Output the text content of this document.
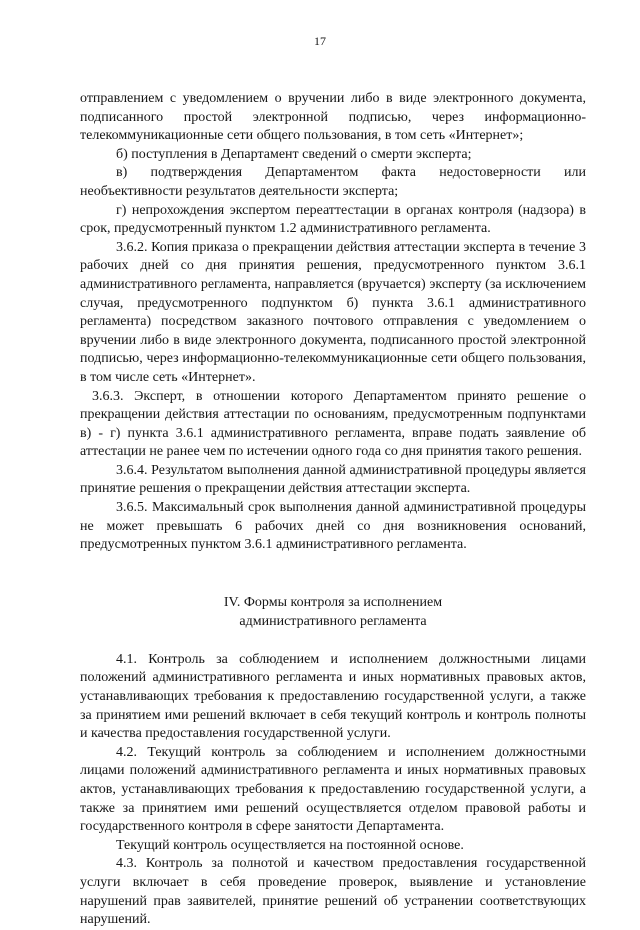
17

отправлением с уведомлением о вручении либо в виде электронного документа, подписанного простой электронной подписью, через информационно-телекоммуникационные сети общего пользования, в том сеть «Интернет»;

б) поступления в Департамент сведений о смерти эксперта;

в) подтверждения Департаментом факта недостоверности или необъективности результатов деятельности эксперта;

г) непрохождения экспертом переаттестации в органах контроля (надзора) в срок, предусмотренный пунктом 1.2 административного регламента.

3.6.2. Копия приказа о прекращении действия аттестации эксперта в течение 3 рабочих дней со дня принятия решения, предусмотренного пунктом 3.6.1 административного регламента, направляется (вручается) эксперту (за исключением случая, предусмотренного подпунктом б) пункта 3.6.1 административного регламента) посредством заказного почтового отправления с уведомлением о вручении либо в виде электронного документа, подписанного простой электронной подписью, через информационно-телекоммуникационные сети общего пользования, в том числе сеть «Интернет».

3.6.3. Эксперт, в отношении которого Департаментом принято решение о прекращении действия аттестации по основаниям, предусмотренным подпунктами в) - г) пункта 3.6.1 административного регламента, вправе подать заявление об аттестации не ранее чем по истечении одного года со дня принятия такого решения.

3.6.4. Результатом выполнения данной административной процедуры является принятие решения о прекращении действия аттестации эксперта.

3.6.5. Максимальный срок выполнения данной административной процедуры не может превышать 6 рабочих дней со дня возникновения оснований, предусмотренных пунктом 3.6.1 административного регламента.

IV. Формы контроля за исполнением
административного регламента

4.1. Контроль за соблюдением и исполнением должностными лицами положений административного регламента и иных нормативных правовых актов, устанавливающих требования к предоставлению государственной услуги, а также за принятием ими решений включает в себя текущий контроль и контроль полноты и качества предоставления государственной услуги.

4.2. Текущий контроль за соблюдением и исполнением должностными лицами положений административного регламента и иных нормативных правовых актов, устанавливающих требования к предоставлению государственной услуги, а также за принятием ими решений осуществляется отделом правовой работы и государственного контроля в сфере занятости Департамента.

Текущий контроль осуществляется на постоянной основе.

4.3. Контроль за полнотой и качеством предоставления государственной услуги включает в себя проведение проверок, выявление и установление нарушений прав заявителей, принятие решений об устранении соответствующих нарушений.
